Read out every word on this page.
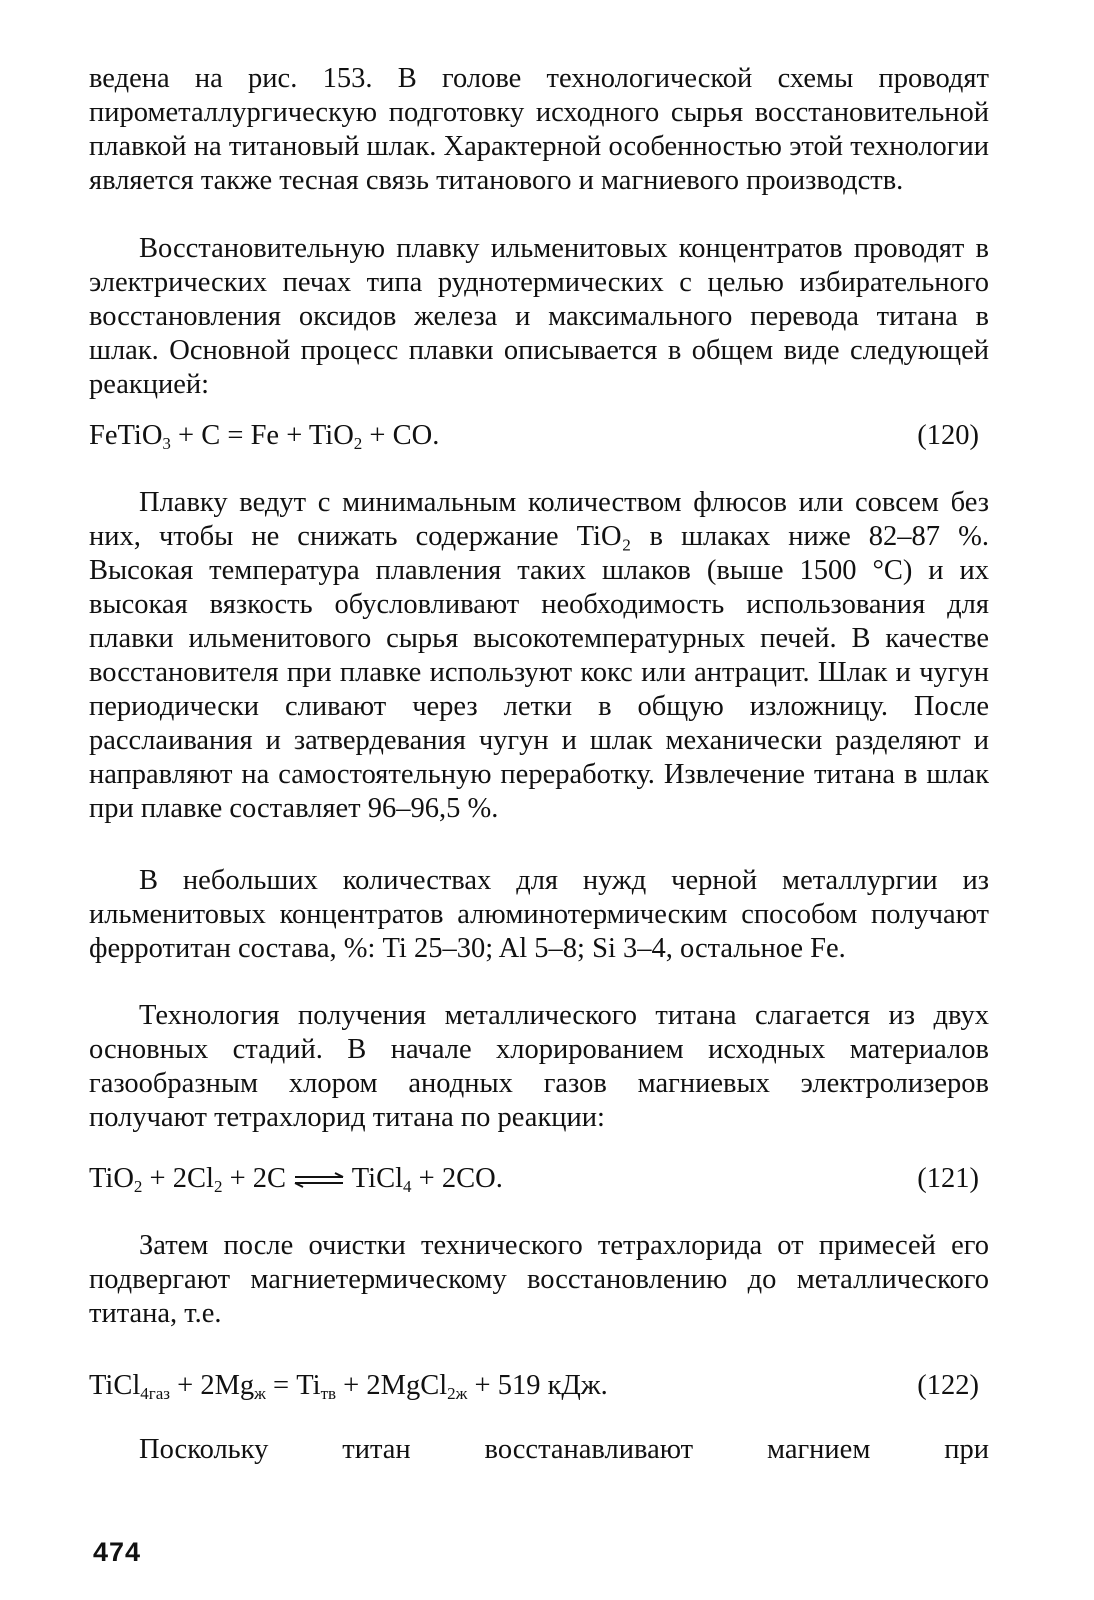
ведена на рис. 153. В голове технологической схемы проводят пирометаллургическую подготовку исходного сырья восстановительной плавкой на титановый шлак. Характерной особенностью этой технологии является также тесная связь титанового и магниевого производств.

Восстановительную плавку ильменитовых концентратов проводят в электрических печах типа руднотермических с целью избирательного восстановления оксидов железа и максимального перевода титана в шлак. Основной процесс плавки описывается в общем виде следующей реакцией:

FeTiO$_3$ + C = Fe + TiO$_2$ + CO.	(120)

Плавку ведут с минимальным количеством флюсов или совсем без них, чтобы не снижать содержание TiO₂ в шлаках ниже 82–87 %. Высокая температура плавления таких шлаков (выше 1500 °C) и их высокая вязкость обусловливают необходимость использования для плавки ильменитового сырья высокотемпературных печей. В качестве восстановителя при плавке используют кокс или антрацит. Шлак и чугун периодически сливают через летки в общую изложницу. После расслаивания и затвердевания чугун и шлак механически разделяют и направляют на самостоятельную переработку. Извлечение титана в шлак при плавке составляет 96–96,5 %.

В небольших количествах для нужд черной металлургии из ильменитовых концентратов алюминотермическим способом получают ферротитан состава, %: Ti 25–30; Al 5–8; Si 3–4, остальное Fe.

Технология получения металлического титана слагается из двух основных стадий. В начале хлорированием исходных материалов газообразным хлором анодных газов магниевых электролизеров получают тетрахлорид титана по реакции:

$TiO_2 + 2Cl_2 + 2C$ ⇌ TiCl$_4$ + 2CO.	(121)

Затем после очистки технического тетрахлорида от примесей его подвергают магниетермическому восстановлению до металлического титана, т.е.

TiCl$_{4газ}$ + $2Mg_ж = Ti_{тв}$ + 2MgCl$_{2ж}$ + 519 кДж.	(122)

Поскольку титан восстанавливают магнием при

474
